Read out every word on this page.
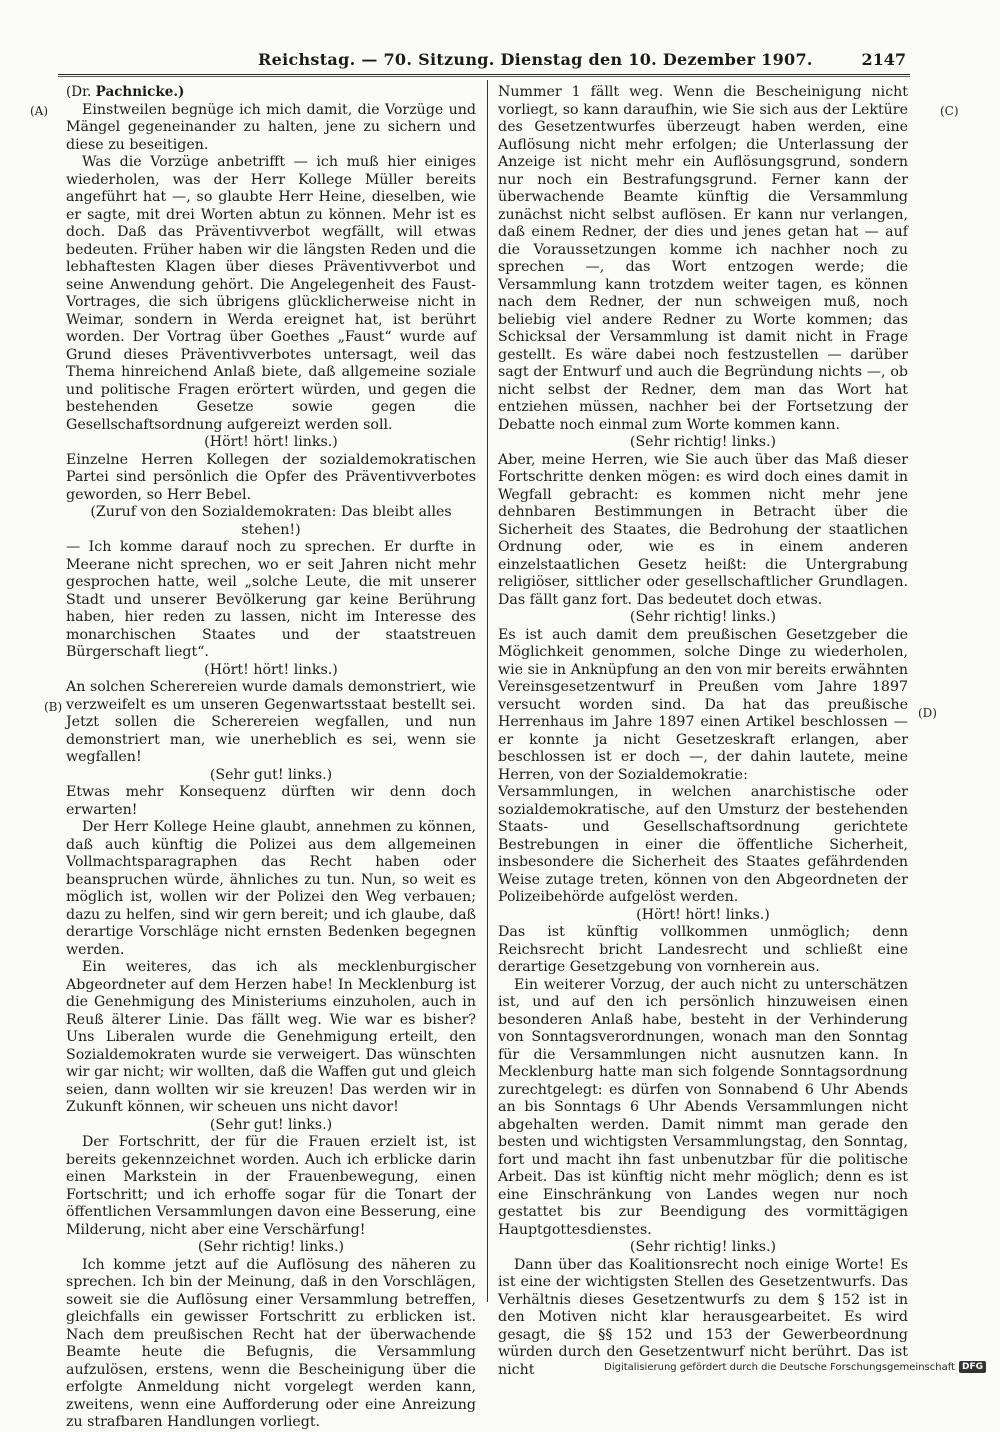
Reichstag. — 70. Sitzung. Dienstag den 10. Dezember 1907.	2147
(A)
(B)
(C)
(D)

(Dr. Pachnicke.)

Einstweilen begnüge ich mich damit, die Vorzüge und Mängel gegeneinander zu halten, jene zu sichern und diese zu beseitigen.

Was die Vorzüge anbetrifft — ich muß hier einiges wiederholen, was der Herr Kollege Müller bereits angeführt hat —, so glaubte Herr Heine, dieselben, wie er sagte, mit drei Worten abtun zu können. Mehr ist es doch. Daß das Präventivverbot wegfällt, will etwas bedeuten. Früher haben wir die längsten Reden und die lebhaftesten Klagen über dieses Präventivverbot und seine Anwendung gehört. Die Angelegenheit des Faust-Vortrages, die sich übrigens glücklicherweise nicht in Weimar, sondern in Werda ereignet hat, ist berührt worden. Der Vortrag über Goethes „Faust“ wurde auf Grund dieses Präventivverbotes untersagt, weil das Thema hinreichend Anlaß biete, daß allgemeine soziale und politische Fragen erörtert würden, und gegen die bestehenden Gesetze sowie gegen die Gesellschaftsordnung aufgereizt werden soll.

(Hört! hört! links.)

Einzelne Herren Kollegen der sozialdemokratischen Partei sind persönlich die Opfer des Präventivverbotes geworden, so Herr Bebel.

(Zuruf von den Sozialdemokraten: Das bleibt alles stehen!)

— Ich komme darauf noch zu sprechen. Er durfte in Meerane nicht sprechen, wo er seit Jahren nicht mehr gesprochen hatte, weil „solche Leute, die mit unserer Stadt und unserer Bevölkerung gar keine Berührung haben, hier reden zu lassen, nicht im Interesse des monarchischen Staates und der staatstreuen Bürgerschaft liegt“.

(Hört! hört! links.)

An solchen Scherereien wurde damals demonstriert, wie verzweifelt es um unseren Gegenwartsstaat bestellt sei. Jetzt sollen die Scherereien wegfallen, und nun demonstriert man, wie unerheblich es sei, wenn sie wegfallen!

(Sehr gut! links.)

Etwas mehr Konsequenz dürften wir denn doch erwarten!

Der Herr Kollege Heine glaubt, annehmen zu können, daß auch künftig die Polizei aus dem allgemeinen Vollmachtsparagraphen das Recht haben oder beanspruchen würde, ähnliches zu tun. Nun, so weit es möglich ist, wollen wir der Polizei den Weg verbauen; dazu zu helfen, sind wir gern bereit; und ich glaube, daß derartige Vorschläge nicht ernsten Bedenken begegnen werden.

Ein weiteres, das ich als mecklenburgischer Abgeordneter auf dem Herzen habe! In Mecklenburg ist die Genehmigung des Ministeriums einzuholen, auch in Reuß älterer Linie. Das fällt weg. Wie war es bisher? Uns Liberalen wurde die Genehmigung erteilt, den Sozialdemokraten wurde sie verweigert. Das wünschten wir gar nicht; wir wollten, daß die Waffen gut und gleich seien, dann wollten wir sie kreuzen! Das werden wir in Zukunft können, wir scheuen uns nicht davor!

(Sehr gut! links.)

Der Fortschritt, der für die Frauen erzielt ist, ist bereits gekennzeichnet worden. Auch ich erblicke darin einen Markstein in der Frauenbewegung, einen Fortschritt; und ich erhoffe sogar für die Tonart der öffentlichen Versammlungen davon eine Besserung, eine Milderung, nicht aber eine Verschärfung!

(Sehr richtig! links.)

Ich komme jetzt auf die Auflösung des näheren zu sprechen. Ich bin der Meinung, daß in den Vorschlägen, soweit sie die Auflösung einer Versammlung betreffen, gleichfalls ein gewisser Fortschritt zu erblicken ist. Nach dem preußischen Recht hat der überwachende Beamte heute die Befugnis, die Versammlung aufzulösen, erstens, wenn die Bescheinigung über die erfolgte Anmeldung nicht vorgelegt werden kann, zweitens, wenn eine Aufforderung oder eine Anreizung zu strafbaren Handlungen vorliegt.

Nummer 1 fällt weg. Wenn die Bescheinigung nicht vorliegt, so kann daraufhin, wie Sie sich aus der Lektüre des Gesetzentwurfes überzeugt haben werden, eine Auflösung nicht mehr erfolgen; die Unterlassung der Anzeige ist nicht mehr ein Auflösungsgrund, sondern nur noch ein Bestrafungsgrund. Ferner kann der überwachende Beamte künftig die Versammlung zunächst nicht selbst auflösen. Er kann nur verlangen, daß einem Redner, der dies und jenes getan hat — auf die Voraussetzungen komme ich nachher noch zu sprechen —, das Wort entzogen werde; die Versammlung kann trotzdem weiter tagen, es können nach dem Redner, der nun schweigen muß, noch beliebig viel andere Redner zu Worte kommen; das Schicksal der Versammlung ist damit nicht in Frage gestellt. Es wäre dabei noch festzustellen — darüber sagt der Entwurf und auch die Begründung nichts —, ob nicht selbst der Redner, dem man das Wort hat entziehen müssen, nachher bei der Fortsetzung der Debatte noch einmal zum Worte kommen kann.

(Sehr richtig! links.)

Aber, meine Herren, wie Sie auch über das Maß dieser Fortschritte denken mögen: es wird doch eines damit in Wegfall gebracht: es kommen nicht mehr jene dehnbaren Bestimmungen in Betracht über die Sicherheit des Staates, die Bedrohung der staatlichen Ordnung oder, wie es in einem anderen einzelstaatlichen Gesetz heißt: die Untergrabung religiöser, sittlicher oder gesellschaftlicher Grundlagen. Das fällt ganz fort. Das bedeutet doch etwas.

(Sehr richtig! links.)

Es ist auch damit dem preußischen Gesetzgeber die Möglichkeit genommen, solche Dinge zu wiederholen, wie sie in Anknüpfung an den von mir bereits erwähnten Vereinsgesetzentwurf in Preußen vom Jahre 1897 versucht worden sind. Da hat das preußische Herrenhaus im Jahre 1897 einen Artikel beschlossen — er konnte ja nicht Gesetzeskraft erlangen, aber beschlossen ist er doch —, der dahin lautete, meine Herren, von der Sozialdemokratie:

Versammlungen, in welchen anarchistische oder sozialdemokratische, auf den Umsturz der bestehenden Staats- und Gesellschaftsordnung gerichtete Bestrebungen in einer die öffentliche Sicherheit, insbesondere die Sicherheit des Staates gefährdenden Weise zutage treten, können von den Abgeordneten der Polizeibehörde aufgelöst werden.

(Hört! hört! links.)

Das ist künftig vollkommen unmöglich; denn Reichsrecht bricht Landesrecht und schließt eine derartige Gesetzgebung von vornherein aus.

Ein weiterer Vorzug, der auch nicht zu unterschätzen ist, und auf den ich persönlich hinzuweisen einen besonderen Anlaß habe, besteht in der Verhinderung von Sonntagsverordnungen, wonach man den Sonntag für die Versammlungen nicht ausnutzen kann. In Mecklenburg hatte man sich folgende Sonntagsordnung zurechtgelegt: es dürfen von Sonnabend 6 Uhr Abends an bis Sonntags 6 Uhr Abends Versammlungen nicht abgehalten werden. Damit nimmt man gerade den besten und wichtigsten Versammlungstag, den Sonntag, fort und macht ihn fast unbenutzbar für die politische Arbeit. Das ist künftig nicht mehr möglich; denn es ist eine Einschränkung von Landes wegen nur noch gestattet bis zur Beendigung des vormittägigen Hauptgottesdienstes.

(Sehr richtig! links.)

Dann über das Koalitionsrecht noch einige Worte! Es ist eine der wichtigsten Stellen des Gesetzentwurfs. Das Verhältnis dieses Gesetzentwurfs zu dem § 152 ist in den Motiven nicht klar herausgearbeitet. Es wird gesagt, die §§ 152 und 153 der Gewerbeordnung würden durch den Gesetzentwurf nicht berührt. Das ist nicht	Digitalisierung gefördert durch die Deutsche Forschungsgemeinschaft DFG
